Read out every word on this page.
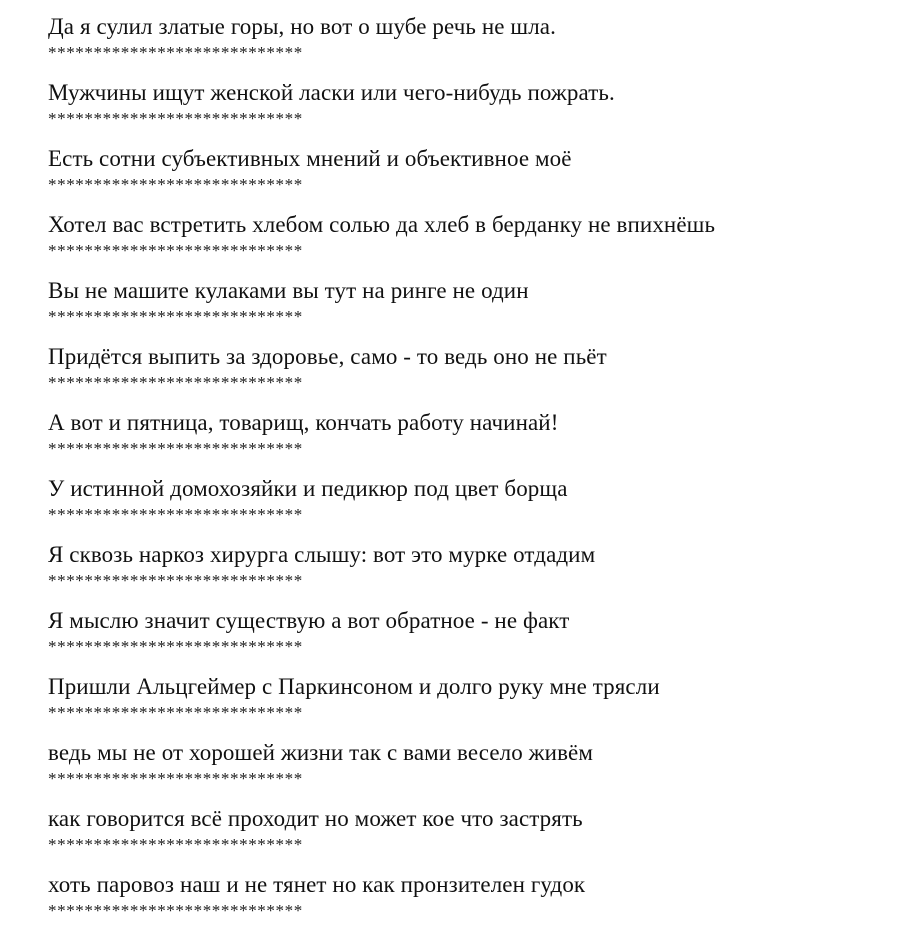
Да я сулил златые горы, но вот о шубе речь не шла.
****************************
Мужчины ищут женской ласки или чего-нибудь пожрать.
****************************
Есть сотни субъективных мнений и объективное моё
****************************
Хотел вас встретить хлебом солью да хлеб в берданку не впихнёшь
****************************
Вы не машите кулаками вы тут на ринге не один
****************************
Придётся выпить за здоровье, само - то ведь оно не пьёт
****************************
А вот и пятница, товарищ, кончать работу начинай!
****************************
У истинной домохозяйки и педикюр под цвет борща
****************************
Я сквозь наркоз хирурга слышу: вот это мурке отдадим
****************************
Я мыслю значит существую а вот обратное - не факт
****************************
Пришли Альцгеймер с Паркинсоном и долго руку мне трясли
****************************
ведь мы не от хорошей жизни так с вами весело живём
****************************
как говорится всё проходит но может кое что застрять
****************************
хоть паровоз наш и не тянет но как пронзителен гудок
****************************
